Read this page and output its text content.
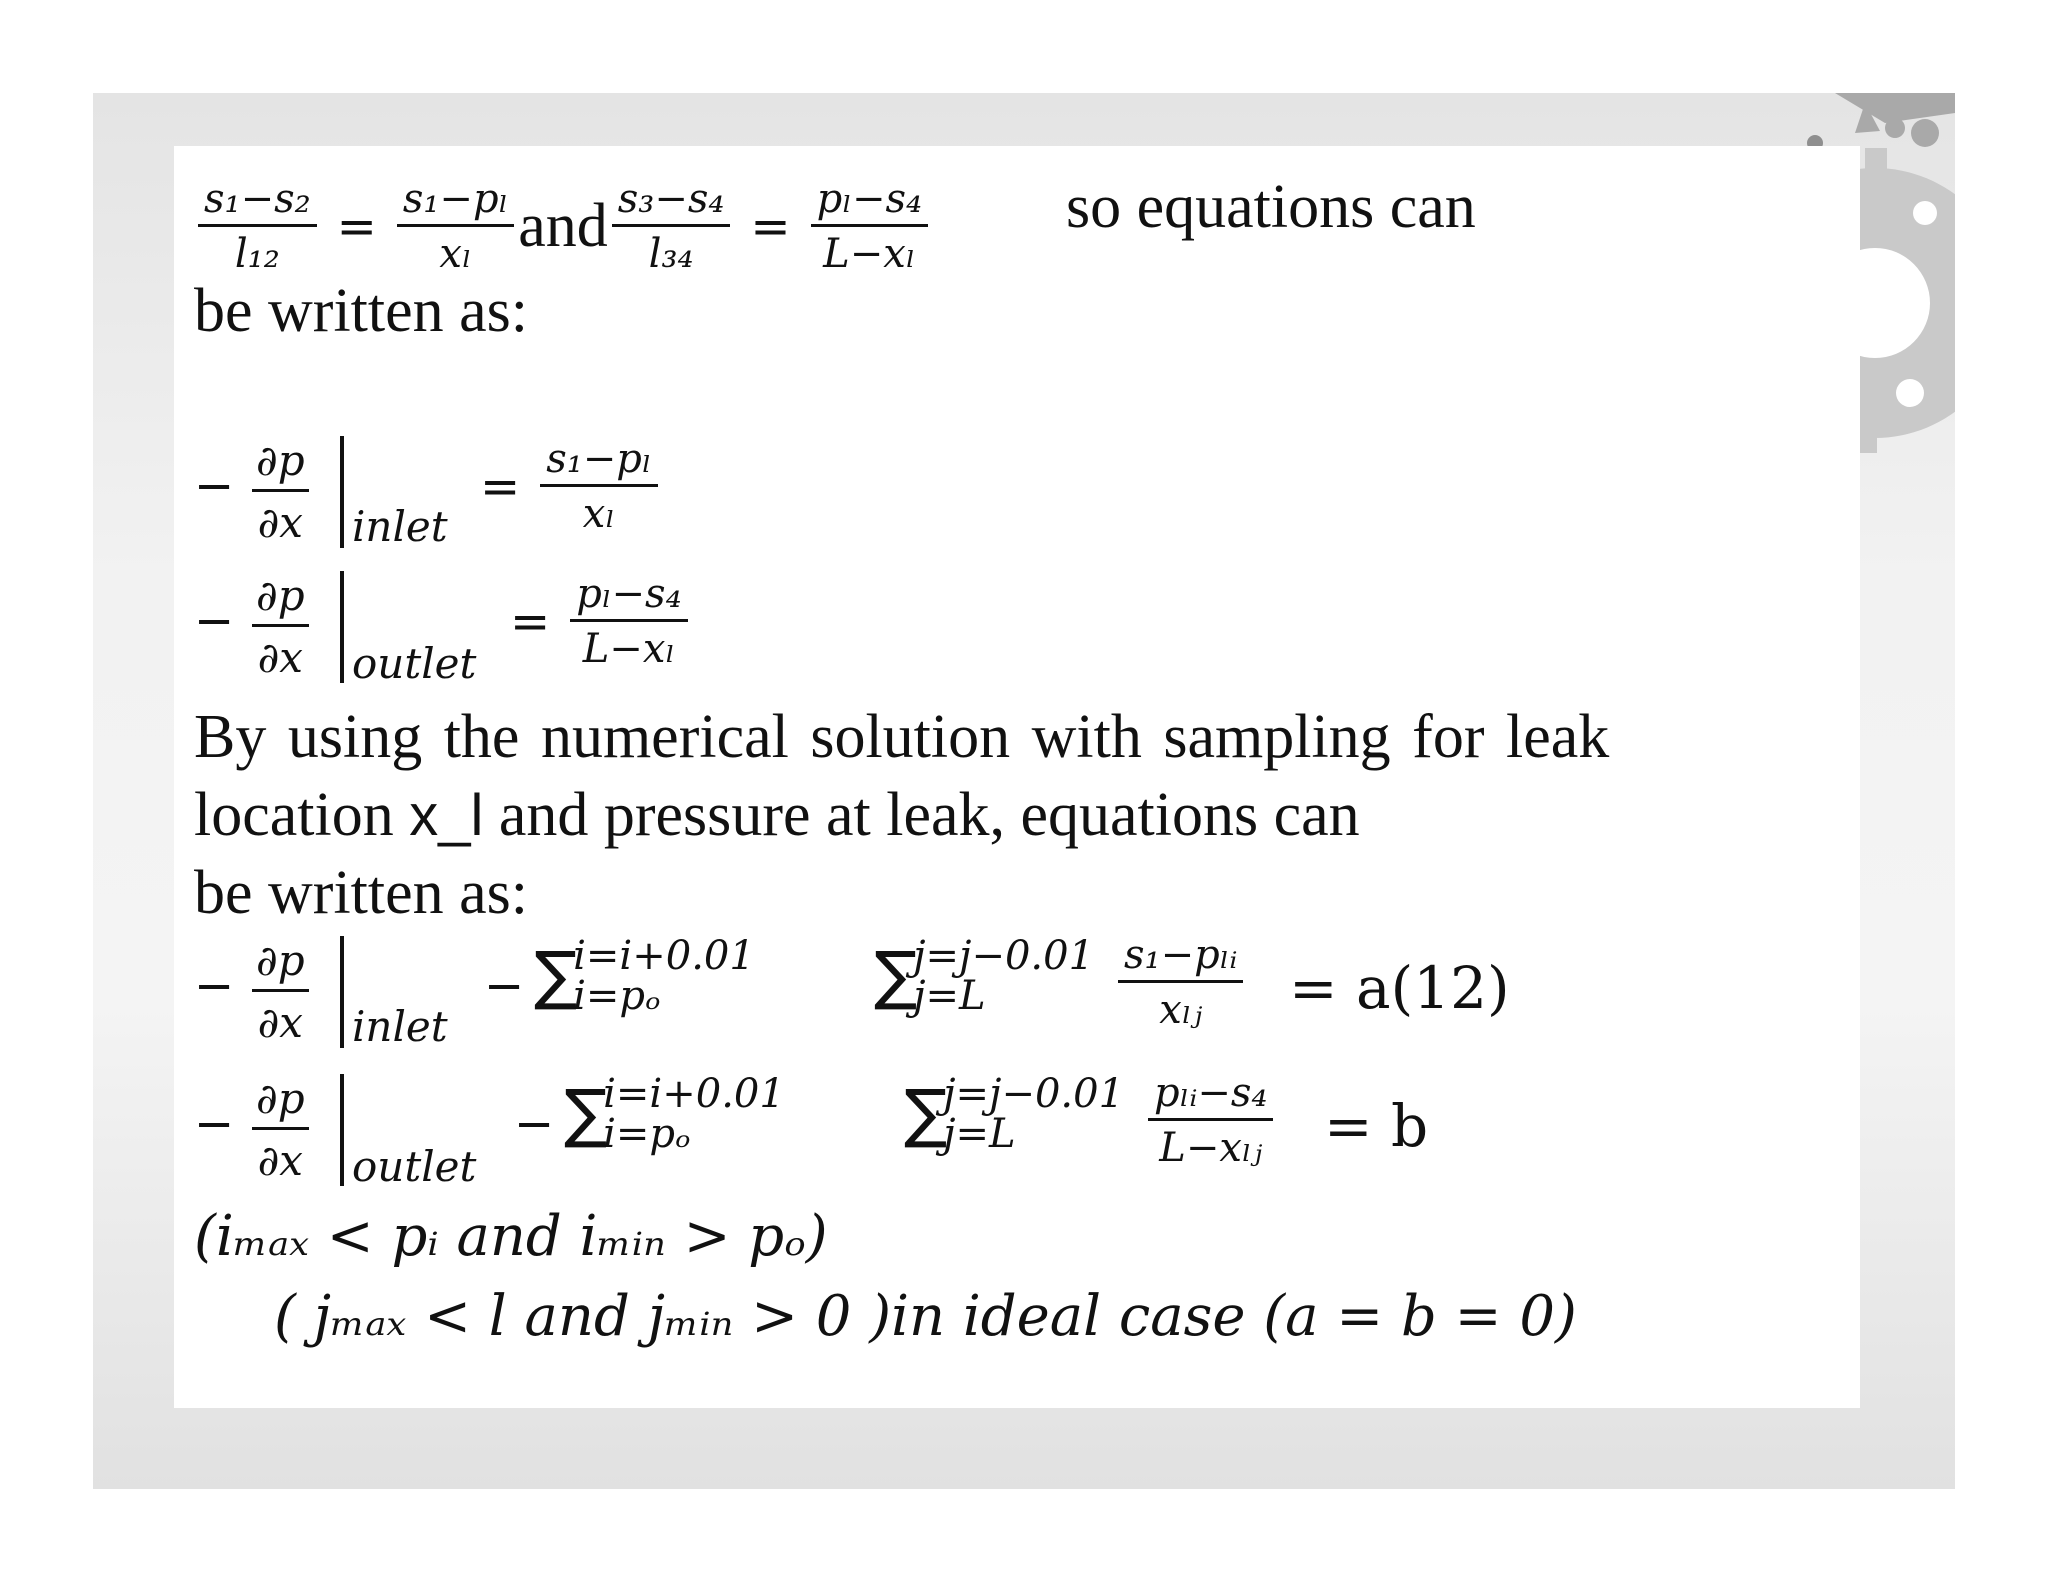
$\frac{\text{s₁−s₂}}{\text{l₁₂}} = \frac{\text{s₁−pₗ}}{\text{xₗ}}$ and $\frac{\text{s₃−s₄}}{\text{l₃₄}} = \frac{\text{pₗ−s₄}}{\text{L−xₗ}}$ so equations can
be written as:
− $\frac{\partial p}{\partial x}$ inlet
= $\frac{\text{s₁−pₗ}}{\text{xₗ}}$
− $\frac{\partial p}{\partial x}$ outlet
= $\frac{\text{pₗ−s₄}}{\text{L−xₗ}}$
By using the numerical solution with sampling for leak
location x_l and pressure at leak, equations can
be written as:
− $\frac{\partial p}{\partial x}$ inlet
− ∑
i=i+0.01
i=pₒ	∑
j=j−0.01
j=L	$\frac{\text{s₁−pₗᵢ}}{\text{xₗⱼ}} = a(12)$
− $\frac{\partial p}{\partial x}$ outlet
− ∑
i=i+0.01
i=pₒ	∑
j=j−0.01
j=L	$\frac{\text{pₗᵢ−s₄}}{\text{L−xₗⱼ}} = b$
(iₘₐₓ < pᵢ and iₘᵢₙ > pₒ)
( jₘₐₓ < l and jₘᵢₙ > 0 )in ideal case (a = b = 0)
